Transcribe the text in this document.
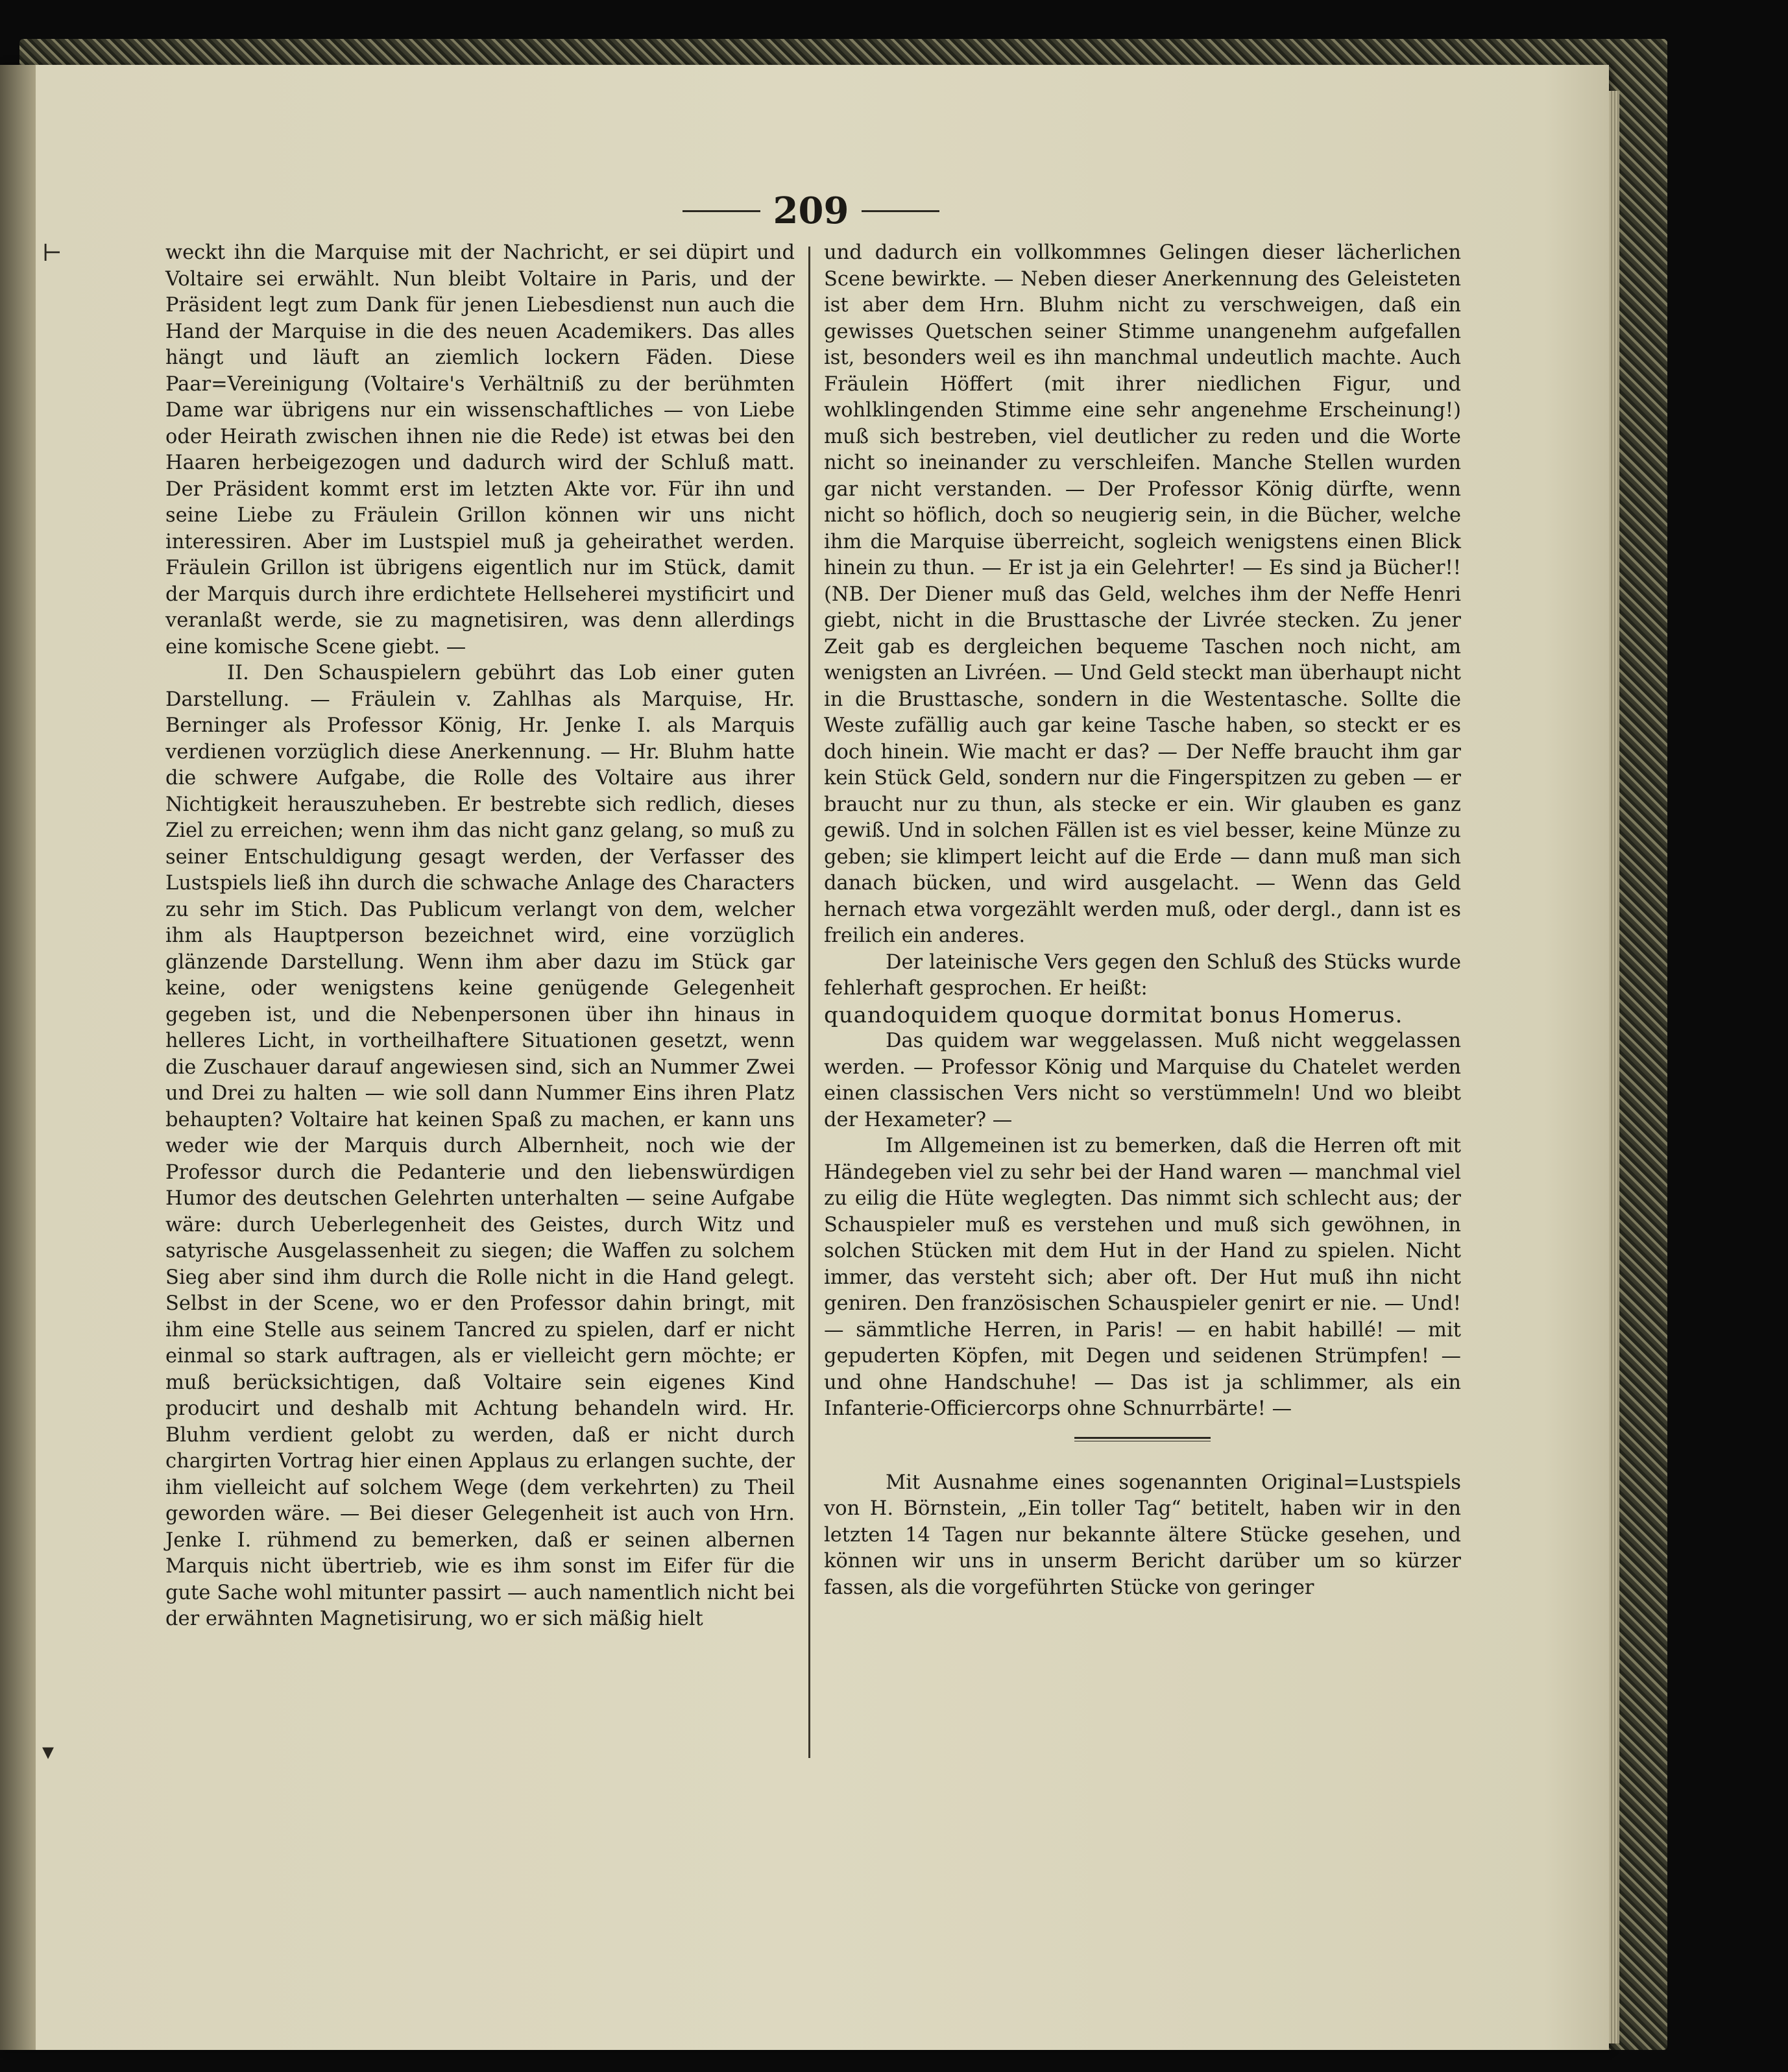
209

weckt ihn die Marquise mit der Nachricht, er sei düpirt und Voltaire sei erwählt. Nun bleibt Voltaire in Paris, und der Präsident legt zum Dank für jenen Liebesdienst nun auch die Hand der Marquise in die des neuen Academikers. Das alles hängt und läuft an ziemlich lockern Fäden. Diese Paar=Vereinigung (Voltaire's Verhältniß zu der berühmten Dame war übrigens nur ein wissenschaftliches — von Liebe oder Heirath zwischen ihnen nie die Rede) ist etwas bei den Haaren herbeigezogen und dadurch wird der Schluß matt. Der Präsident kommt erst im letzten Akte vor. Für ihn und seine Liebe zu Fräulein Grillon können wir uns nicht interessiren. Aber im Lustspiel muß ja geheirathet werden. Fräulein Grillon ist übrigens eigentlich nur im Stück, damit der Marquis durch ihre erdichtete Hellseherei mystificirt und veranlaßt werde, sie zu magnetisiren, was denn allerdings eine komische Scene giebt. —

II. Den Schauspielern gebührt das Lob einer guten Darstellung. — Fräulein v. Zahlhas als Marquise, Hr. Berninger als Professor König, Hr. Jenke I. als Marquis verdienen vorzüglich diese Anerkennung. — Hr. Bluhm hatte die schwere Aufgabe, die Rolle des Voltaire aus ihrer Nichtigkeit herauszuheben. Er bestrebte sich redlich, dieses Ziel zu erreichen; wenn ihm das nicht ganz gelang, so muß zu seiner Entschuldigung gesagt werden, der Verfasser des Lustspiels ließ ihn durch die schwache Anlage des Characters zu sehr im Stich. Das Publicum verlangt von dem, welcher ihm als Hauptperson bezeichnet wird, eine vorzüglich glänzende Darstellung. Wenn ihm aber dazu im Stück gar keine, oder wenigstens keine genügende Gelegenheit gegeben ist, und die Nebenpersonen über ihn hinaus in helleres Licht, in vortheilhaftere Situationen gesetzt, wenn die Zuschauer darauf angewiesen sind, sich an Nummer Zwei und Drei zu halten — wie soll dann Nummer Eins ihren Platz behaupten? Voltaire hat keinen Spaß zu machen, er kann uns weder wie der Marquis durch Albernheit, noch wie der Professor durch die Pedanterie und den liebenswürdigen Humor des deutschen Gelehrten unterhalten — seine Aufgabe wäre: durch Ueberlegenheit des Geistes, durch Witz und satyrische Ausgelassenheit zu siegen; die Waffen zu solchem Sieg aber sind ihm durch die Rolle nicht in die Hand gelegt. Selbst in der Scene, wo er den Professor dahin bringt, mit ihm eine Stelle aus seinem Tancred zu spielen, darf er nicht einmal so stark auftragen, als er vielleicht gern möchte; er muß berücksichtigen, daß Voltaire sein eigenes Kind producirt und deshalb mit Achtung behandeln wird. Hr. Bluhm verdient gelobt zu werden, daß er nicht durch chargirten Vortrag hier einen Applaus zu erlangen suchte, der ihm vielleicht auf solchem Wege (dem verkehrten) zu Theil geworden wäre. — Bei dieser Gelegenheit ist auch von Hrn. Jenke I. rühmend zu bemerken, daß er seinen albernen Marquis nicht übertrieb, wie es ihm sonst im Eifer für die gute Sache wohl mitunter passirt — auch namentlich nicht bei der erwähnten Magnetisirung, wo er sich mäßig hielt

und dadurch ein vollkommnes Gelingen dieser lächerlichen Scene bewirkte. — Neben dieser Anerkennung des Geleisteten ist aber dem Hrn. Bluhm nicht zu verschweigen, daß ein gewisses Quetschen seiner Stimme unangenehm aufgefallen ist, besonders weil es ihn manchmal undeutlich machte. Auch Fräulein Höffert (mit ihrer niedlichen Figur, und wohlklingenden Stimme eine sehr angenehme Erscheinung!) muß sich bestreben, viel deutlicher zu reden und die Worte nicht so ineinander zu verschleifen. Manche Stellen wurden gar nicht verstanden. — Der Professor König dürfte, wenn nicht so höflich, doch so neugierig sein, in die Bücher, welche ihm die Marquise überreicht, sogleich wenigstens einen Blick hinein zu thun. — Er ist ja ein Gelehrter! — Es sind ja Bücher!! (NB. Der Diener muß das Geld, welches ihm der Neffe Henri giebt, nicht in die Brusttasche der Livrée stecken. Zu jener Zeit gab es dergleichen bequeme Taschen noch nicht, am wenigsten an Livréen. — Und Geld steckt man überhaupt nicht in die Brusttasche, sondern in die Westentasche. Sollte die Weste zufällig auch gar keine Tasche haben, so steckt er es doch hinein. Wie macht er das? — Der Neffe braucht ihm gar kein Stück Geld, sondern nur die Fingerspitzen zu geben — er braucht nur zu thun, als stecke er ein. Wir glauben es ganz gewiß. Und in solchen Fällen ist es viel besser, keine Münze zu geben; sie klimpert leicht auf die Erde — dann muß man sich danach bücken, und wird ausgelacht. — Wenn das Geld hernach etwa vorgezählt werden muß, oder dergl., dann ist es freilich ein anderes.

Der lateinische Vers gegen den Schluß des Stücks wurde fehlerhaft gesprochen. Er heißt:

quandoquidem quoque dormitat bonus Homerus.

Das quidem war weggelassen. Muß nicht weggelassen werden. — Professor König und Marquise du Chatelet werden einen classischen Vers nicht so verstümmeln! Und wo bleibt der Hexameter? —

Im Allgemeinen ist zu bemerken, daß die Herren oft mit Händegeben viel zu sehr bei der Hand waren — manchmal viel zu eilig die Hüte weglegten. Das nimmt sich schlecht aus; der Schauspieler muß es verstehen und muß sich gewöhnen, in solchen Stücken mit dem Hut in der Hand zu spielen. Nicht immer, das versteht sich; aber oft. Der Hut muß ihn nicht geniren. Den französischen Schauspieler genirt er nie. — Und! — sämmtliche Herren, in Paris! — en habit habillé! — mit gepuderten Köpfen, mit Degen und seidenen Strümpfen! — und ohne Handschuhe! — Das ist ja schlimmer, als ein Infanterie-Officiercorps ohne Schnurrbärte! —

Mit Ausnahme eines sogenannten Original=Lustspiels von H. Börnstein, „Ein toller Tag“ betitelt, haben wir in den letzten 14 Tagen nur bekannte ältere Stücke gesehen, und können wir uns in unserm Bericht darüber um so kürzer fassen, als die vorgeführten Stücke von geringer

⊢
▾
